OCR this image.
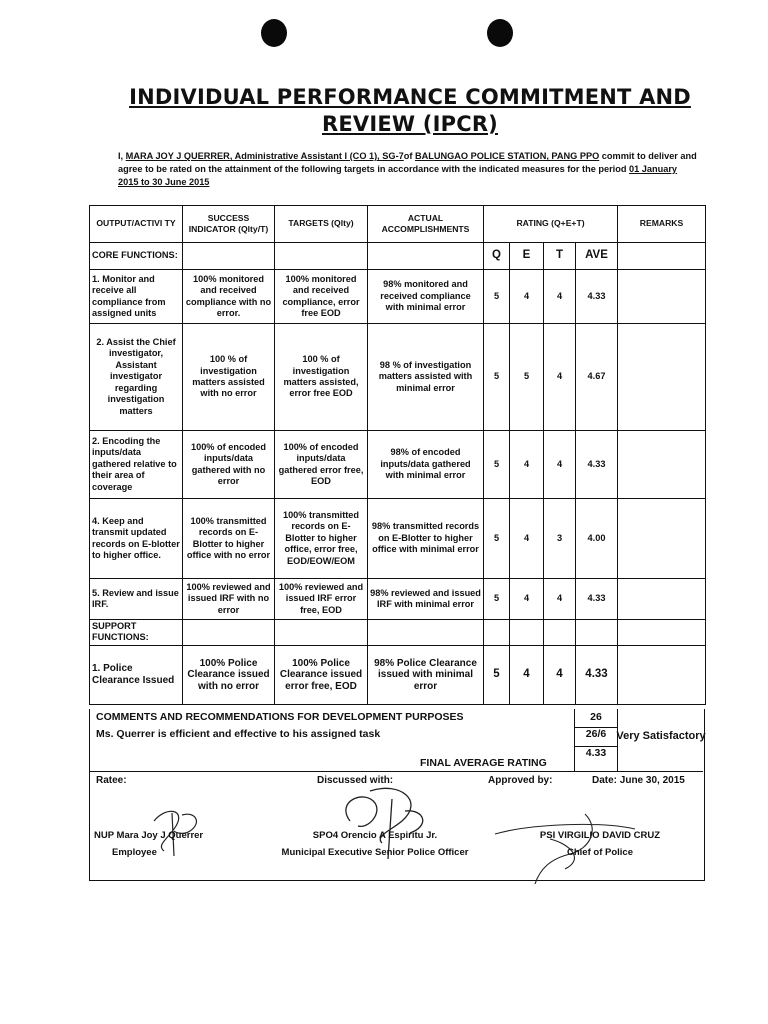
INDIVIDUAL PERFORMANCE COMMITMENT AND
REVIEW (IPCR)
I, MARA JOY J QUERRER, Administrative Assistant I (CO 1), SG-7of BALUNGAO POLICE STATION, PANG PPO commit to deliver and agree to be rated on the attainment of the following targets in accordance with the indicated measures for the period 01 January 2015 to 30 June 2015
OUTPUT/ACTIVI TY	SUCCESS INDICATOR (Qlty/T)	TARGETS (Qlty)	ACTUAL ACCOMPLISHMENTS	RATING (Q+E+T)				REMARKS
CORE FUNCTIONS:				Q	E	T	AVE	
1. Monitor and receive all compliance from assigned units	100% monitored and received compliance with no error.	100% monitored and received compliance, error free EOD	98% monitored and received compliance with minimal error	5	4	4	4.33	
2. Assist the Chief investigator, Assistant investigator regarding investigation matters	100 % of investigation matters assisted with no error	100 % of investigation matters assisted, error free EOD	98 % of investigation matters assisted with minimal error	5	5	4	4.67	
2. Encoding the inputs/data gathered relative to their area of coverage	100% of encoded inputs/data gathered with no error	100% of encoded inputs/data gathered error free, EOD	98% of encoded inputs/data gathered with minimal error	5	4	4	4.33	
4. Keep and transmit updated records on E-blotter to higher office.	100% transmitted records on E-Blotter to higher office with no error	100% transmitted records on E-Blotter to higher office, error free, EOD/EOW/EOM	98% transmitted records on E-Blotter to higher office with minimal error	5	4	3	4.00	
5. Review and issue IRF.	100% reviewed and issued IRF with no error	100% reviewed and issued IRF error free, EOD	98% reviewed and issued IRF with minimal error	5	4	4	4.33	
SUPPORT FUNCTIONS:								
1. Police Clearance Issued	100% Police Clearance issued with no error	100% Police Clearance issued error free, EOD	98% Police Clearance issued with minimal error	5	4	4	4.33	
COMMENTS AND RECOMMENDATIONS FOR DEVELOPMENT PURPOSES
Ms. Querrer is efficient and effective to his assigned task
26
26/6
4.33
Very Satisfactory
FINAL AVERAGE RATING
Ratee:	Discussed with:	Approved by:	Date: June 30, 2015
NUP Mara Joy J Querrer
Employee
SPO4 Orencio A Espiritu Jr.
Municipal Executive Senior Police Officer
PSI VIRGILIO DAVID CRUZ
Chief of Police
